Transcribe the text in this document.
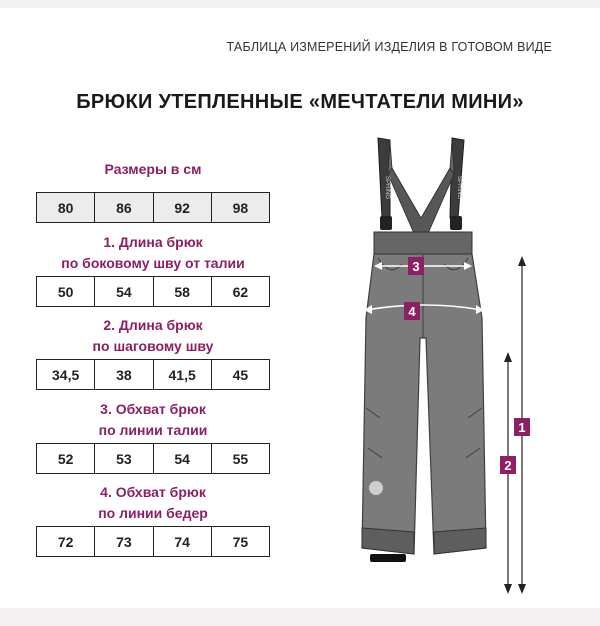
ТАБЛИЦА ИЗМЕРЕНИЙ ИЗДЕЛИЯ В ГОТОВОМ ВИДЕ
БРЮКИ УТЕПЛЕННЫЕ «МЕЧТАТЕЛИ МИНИ»
Размеры в см
80	86	92	98
1. Длина брюк
по боковому шву от талии
50	54	58	62
2. Длина брюк
по шаговому шву
34,5	38	41,5	45
3. Обхват брюк
по линии талии
52	53	54	55
4. Обхват брюк
по линии бедер
72	73	74	75
SPRING	SPRING
3
4
1
2
